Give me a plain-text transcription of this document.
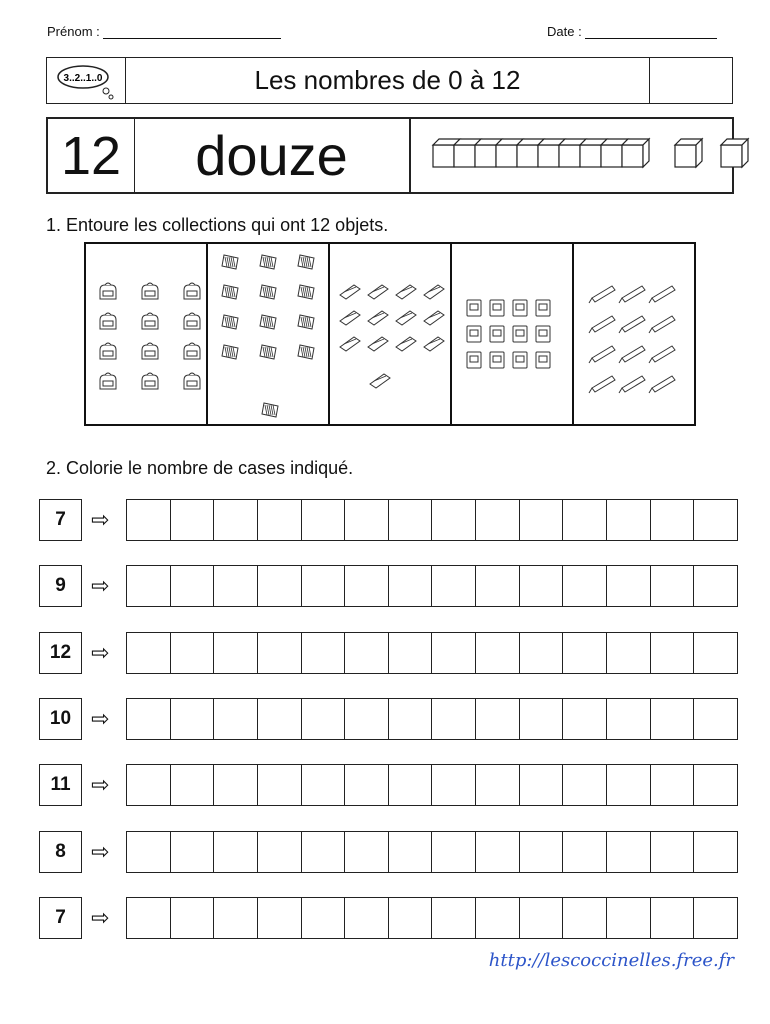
Prénom :	Date :
3..2..1..0	Les nombres de 0 à 12
12	douze
1. Entoure les collections qui ont 12 objets.
2. Colorie le nombre de cases indiqué.
7	⇨
9	⇨
12 ⇨
10 ⇨
11 ⇨
8	⇨
7	⇨
http://lescoccinelles.free.fr
